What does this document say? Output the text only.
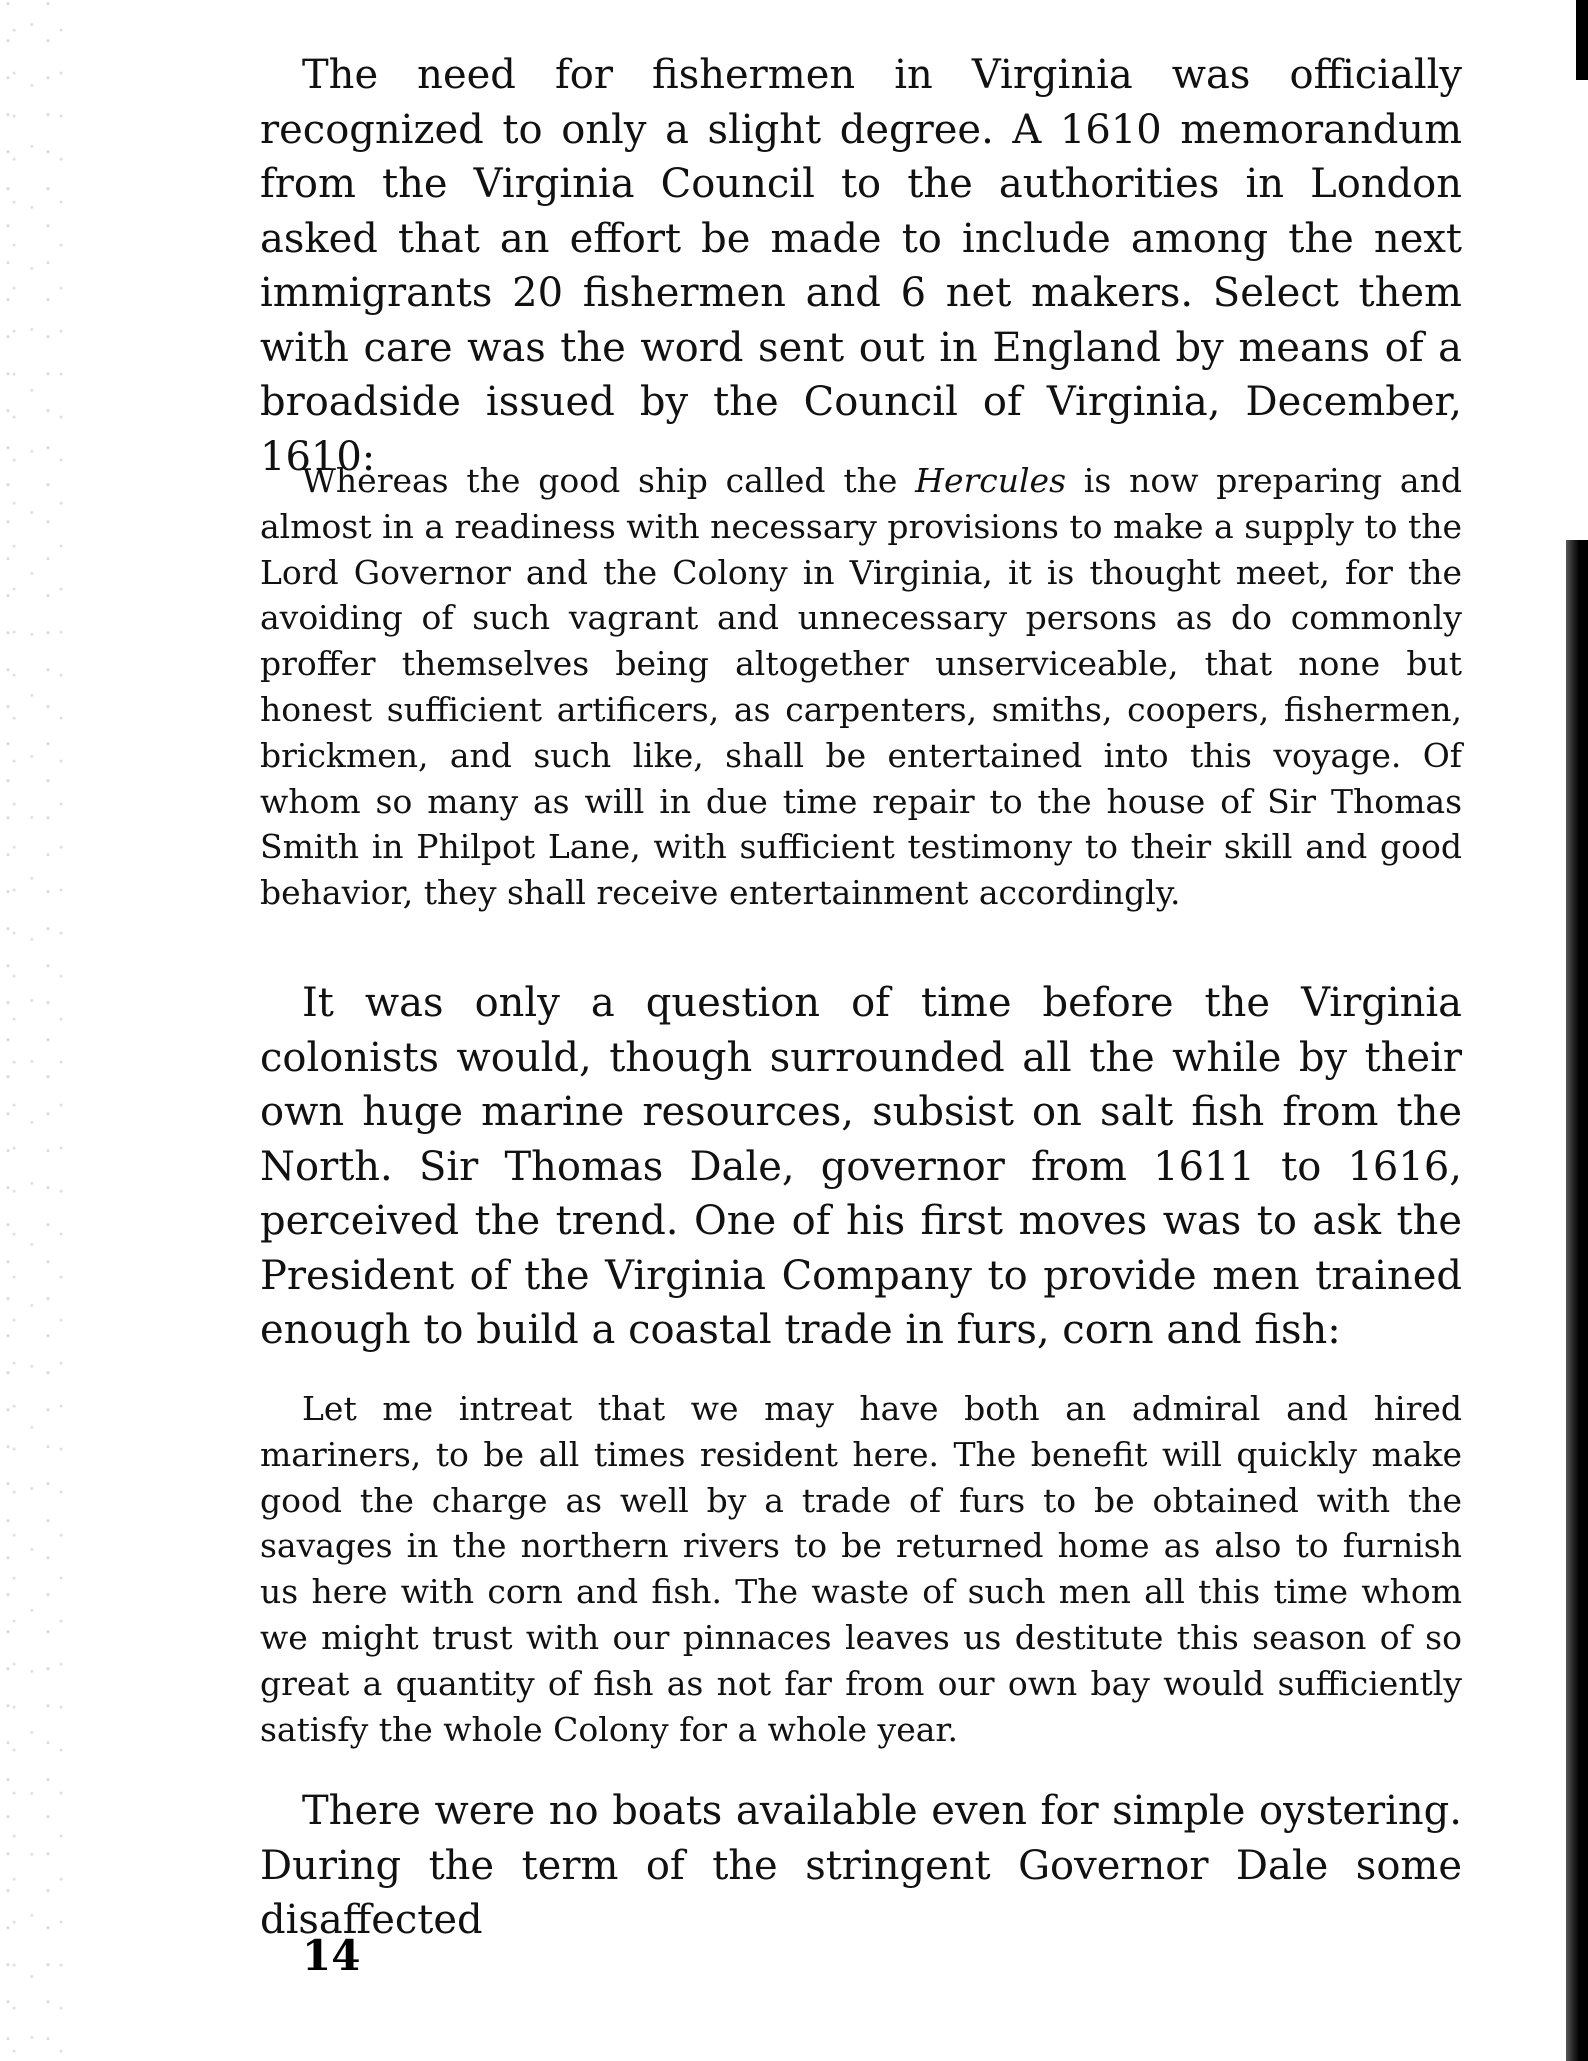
The need for fishermen in Virginia was officially recognized to only a slight degree. A 1610 memorandum from the Virginia Council to the authorities in London asked that an effort be made to include among the next immigrants 20 fishermen and 6 net makers. Select them with care was the word sent out in England by means of a broadside issued by the Council of Virginia, December, 1610:

Whereas the good ship called the Hercules is now preparing and almost in a readiness with necessary provisions to make a supply to the Lord Governor and the Colony in Virginia, it is thought meet, for the avoiding of such vagrant and unnecessary persons as do commonly proffer themselves being altogether unserviceable, that none but honest sufficient artificers, as carpenters, smiths, coopers, fishermen, brickmen, and such like, shall be entertained into this voyage. Of whom so many as will in due time repair to the house of Sir Thomas Smith in Philpot Lane, with sufficient testimony to their skill and good behavior, they shall receive entertainment accordingly.

It was only a question of time before the Virginia colonists would, though surrounded all the while by their own huge marine resources, subsist on salt fish from the North. Sir Thomas Dale, governor from 1611 to 1616, perceived the trend. One of his first moves was to ask the President of the Virginia Company to provide men trained enough to build a coastal trade in furs, corn and fish:

Let me intreat that we may have both an admiral and hired mariners, to be all times resident here. The benefit will quickly make good the charge as well by a trade of furs to be obtained with the savages in the northern rivers to be returned home as also to furnish us here with corn and fish. The waste of such men all this time whom we might trust with our pinnaces leaves us destitute this season of so great a quantity of fish as not far from our own bay would sufficiently satisfy the whole Colony for a whole year.

There were no boats available even for simple oystering. During the term of the stringent Governor Dale some disaffected

14
